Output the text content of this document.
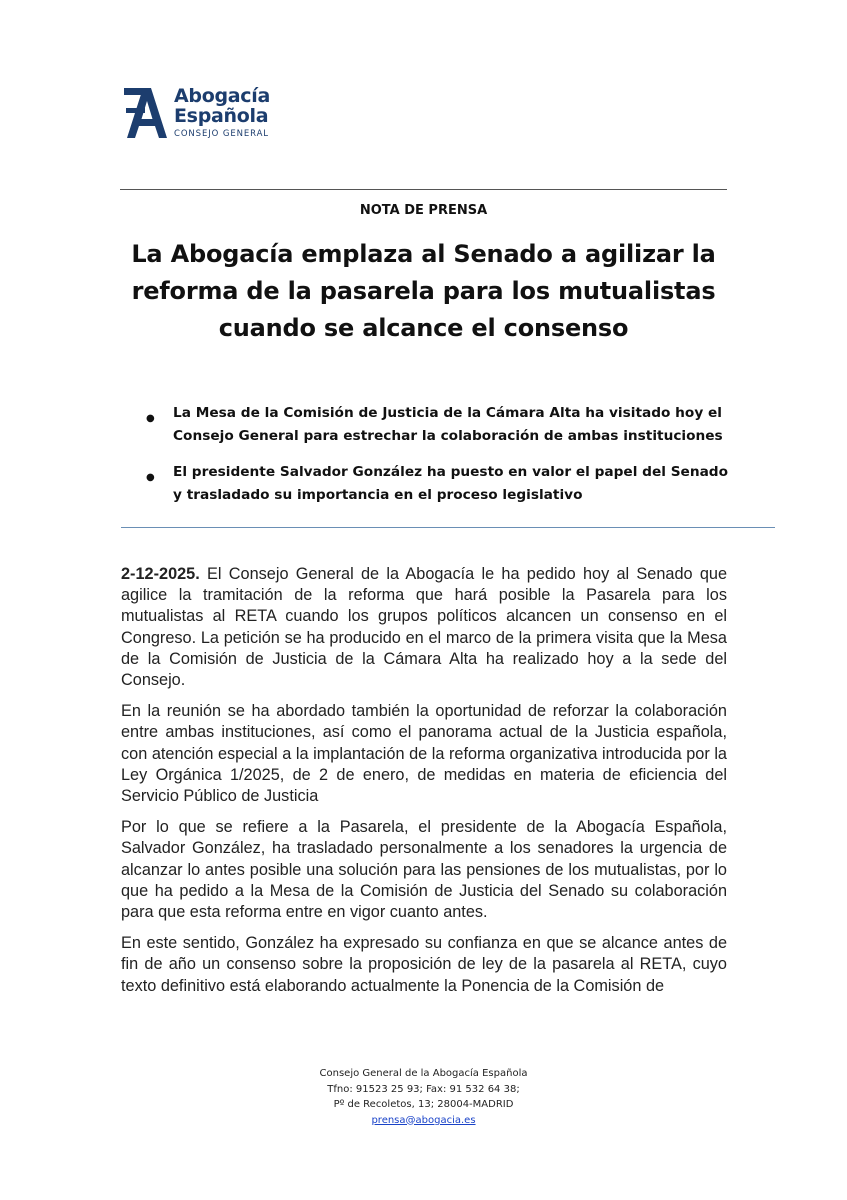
Abogacía
Española
CONSEJO GENERAL
NOTA DE PRENSA
La Abogacía emplaza al Senado a agilizar la
reforma de la pasarela para los mutualistas
cuando se alcance el consenso
● La Mesa de la Comisión de Justicia de la Cámara Alta ha visitado hoy el
Consejo General para estrechar la colaboración de ambas instituciones
● El presidente Salvador González ha puesto en valor el papel del Senado
y trasladado su importancia en el proceso legislativo

2-12-2025. El Consejo General de la Abogacía le ha pedido hoy al Senado que agilice la tramitación de la reforma que hará posible la Pasarela para los mutualistas al RETA cuando los grupos políticos alcancen un consenso en el Congreso. La petición se ha producido en el marco de la primera visita que la Mesa de la Comisión de Justicia de la Cámara Alta ha realizado hoy a la sede del Consejo.

En la reunión se ha abordado también la oportunidad de reforzar la colaboración entre ambas instituciones, así como el panorama actual de la Justicia española, con atención especial a la implantación de la reforma organizativa introducida por la Ley Orgánica 1/2025, de 2 de enero, de medidas en materia de eficiencia del Servicio Público de Justicia

Por lo que se refiere a la Pasarela, el presidente de la Abogacía Española, Salvador González, ha trasladado personalmente a los senadores la urgencia de alcanzar lo antes posible una solución para las pensiones de los mutualistas, por lo que ha pedido a la Mesa de la Comisión de Justicia del Senado su colaboración para que esta reforma entre en vigor cuanto antes.

En este sentido, González ha expresado su confianza en que se alcance antes de fin de año un consenso sobre la proposición de ley de la pasarela al RETA, cuyo texto definitivo está elaborando actualmente la Ponencia de la Comisión de

Consejo General de la Abogacía Española
Tfno: 91523 25 93; Fax: 91 532 64 38;
Pº de Recoletos, 13; 28004-MADRID
prensa@abogacia.es
